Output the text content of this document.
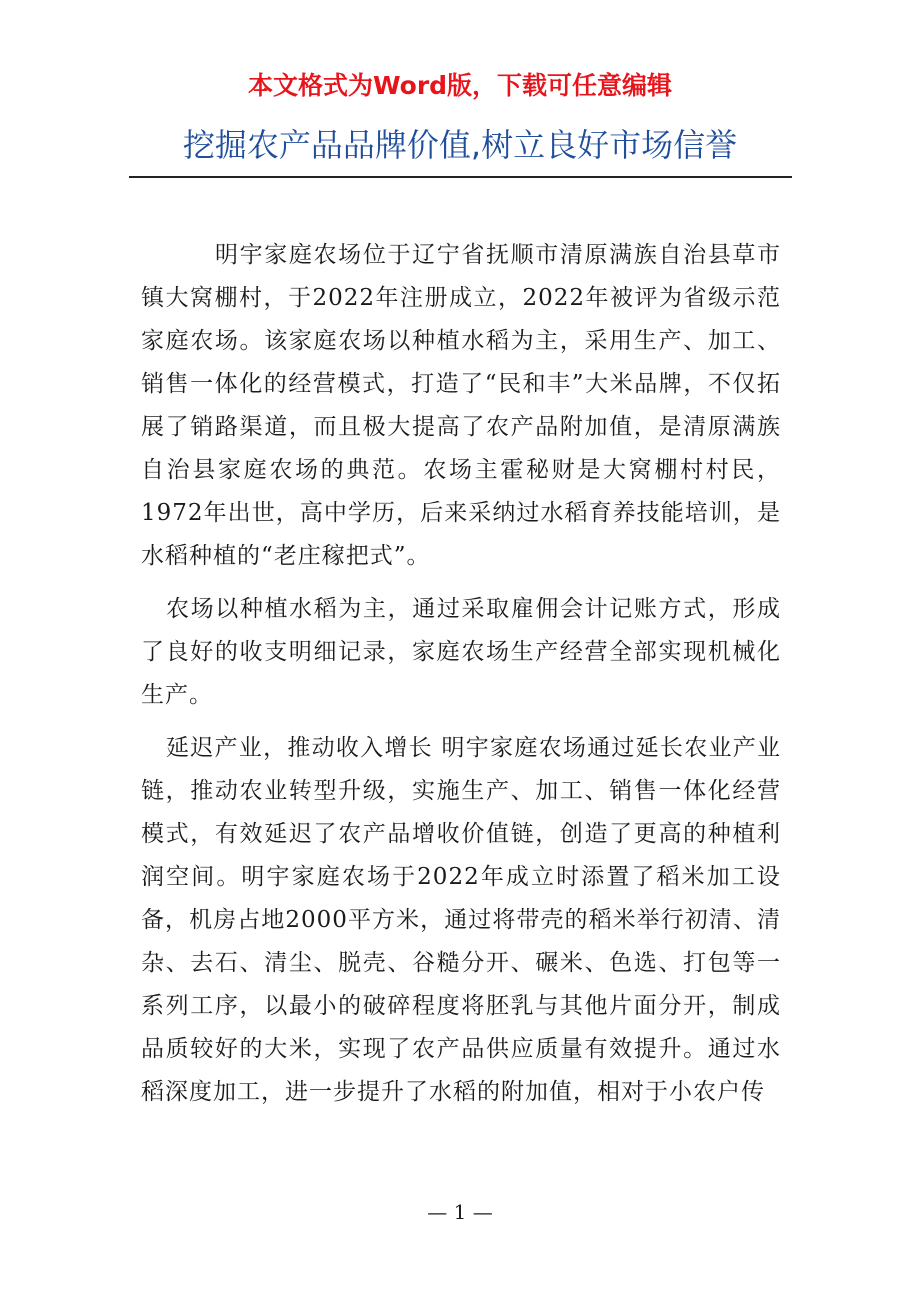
本文格式为Word版，下载可任意编辑
挖掘农产品品牌价值,树立良好市场信誉

明宇家庭农场位于辽宁省抚顺市清原满族自治县草市镇大窝棚村，于2022年注册成立，2022年被评为省级示范家庭农场。该家庭农场以种植水稻为主，采用生产、加工、销售一体化的经营模式，打造了“民和丰”大米品牌，不仅拓展了销路渠道，而且极大提高了农产品附加值，是清原满族自治县家庭农场的典范。农场主霍秘财是大窝棚村村民，1972年出世，高中学历，后来采纳过水稻育养技能培训，是水稻种植的“老庄稼把式”。

农场以种植水稻为主，通过采取雇佣会计记账方式，形成了良好的收支明细记录，家庭农场生产经营全部实现机械化生产。

延迟产业，推动收入增长 明宇家庭农场通过延长农业产业链，推动农业转型升级，实施生产、加工、销售一体化经营模式，有效延迟了农产品增收价值链，创造了更高的种植利润空间。明宇家庭农场于2022年成立时添置了稻米加工设备，机房占地2000平方米，通过将带壳的稻米举行初清、清杂、去石、清尘、脱壳、谷糙分开、碾米、色选、打包等一系列工序，以最小的破碎程度将胚乳与其他片面分开，制成品质较好的大米，实现了农产品供应质量有效提升。通过水稻深度加工，进一步提升了水稻的附加值，相对于小农户传

— 1 —
